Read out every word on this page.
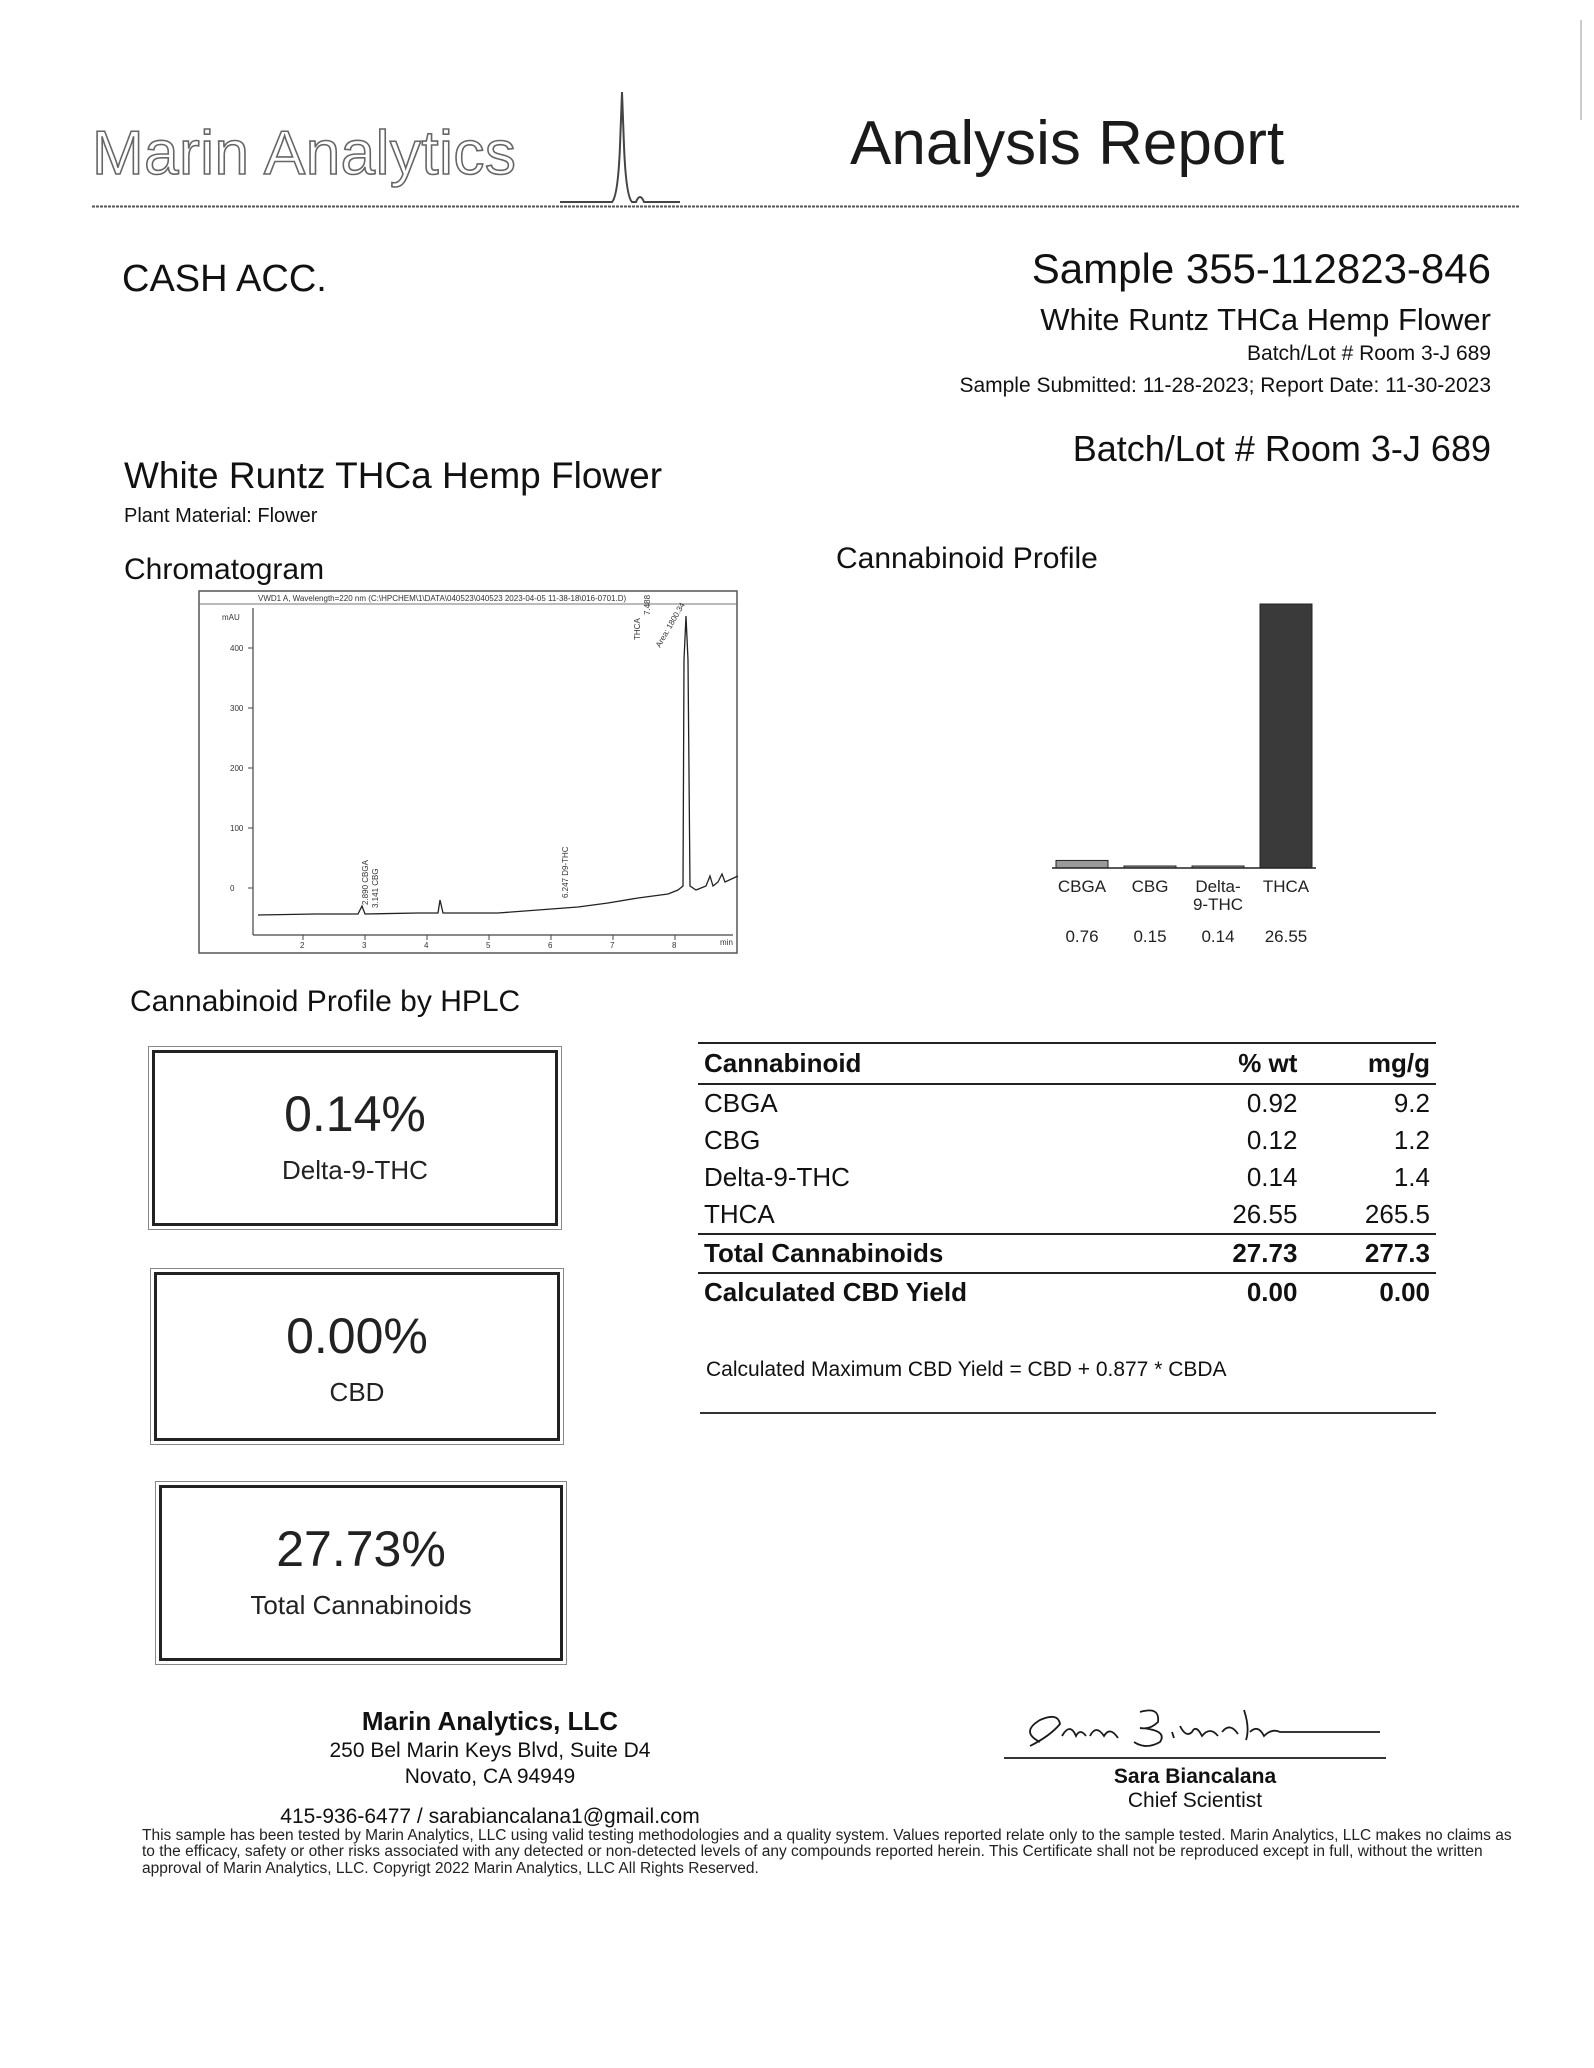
Marin Analytics	Analysis Report
CASH ACC.	Sample 355-112823-846
White Runtz THCa Hemp Flower
Batch/Lot # Room 3-J 689
Sample Submitted: 11-28-2023; Report Date: 11-30-2023
Batch/Lot # Room 3-J 689
White Runtz THCa Hemp Flower
Plant Material: Flower
Chromatogram	Cannabinoid Profile
VWD1 A, Wavelength=220 nm (C:\HPCHEM\1\DATA\040523\040523 2023-04-05 11-38-18\016-0701.D)
mAU
400
300
200
100
0
2	3	4	5	6	7	8	min
2.890 CBGA 3.141 CBG	6.247 D9-THC
THCA
7.488 Area: 1800.34
CBGA
0.76
CBG
0.15
Delta-
9-THC
0.14
THCA
26.55
Cannabinoid Profile by HPLC
0.14%
Delta-9-THC
0.00%
CBD
27.73%
Total Cannabinoids
Cannabinoid	% wt	mg/g
CBGA	0.92	9.2
CBG	0.12	1.2
Delta-9-THC	0.14	1.4
THCA	26.55	265.5
Total Cannabinoids	27.73	277.3
Calculated CBD Yield	0.00	0.00
Calculated Maximum CBD Yield = CBD + 0.877 * CBDA
Marin Analytics, LLC
250 Bel Marin Keys Blvd, Suite D4
Novato, CA 94949
415-936-6477 / sarabiancalana1@gmail.com
Sara Biancalana
Chief Scientist
This sample has been tested by Marin Analytics, LLC using valid testing methodologies and a quality system. Values reported relate only to the sample tested. Marin Analytics, LLC makes no claims as to the efficacy, safety or other risks associated with any detected or non-detected levels of any compounds reported herein. This Certificate shall not be reproduced except in full, without the written approval of Marin Analytics, LLC. Copyrigt 2022 Marin Analytics, LLC All Rights Reserved.
